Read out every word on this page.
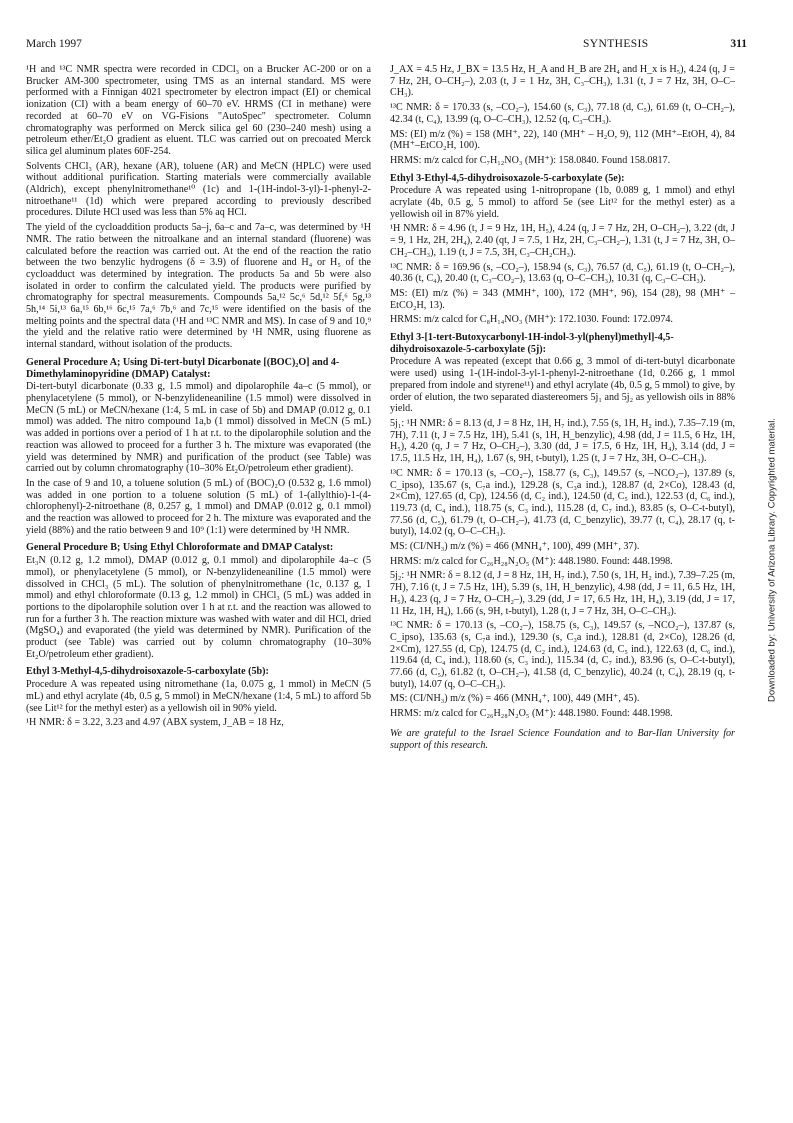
March 1997	SYNTHESIS	311

¹H and ¹³C NMR spectra were recorded in CDCl₃ on a Brucker AC-200 or on a Brucker AM-300 spectrometer, using TMS as an internal standard. MS were performed with a Finnigan 4021 spectrometer by electron impact (EI) or chemical ionization (CI) with a beam energy of 60–70 eV. HRMS (CI in methane) were recorded at 60–70 eV on VG-Fisions "AutoSpec" spectrometer. Column chromatography was performed on Merck silica gel 60 (230–240 mesh) using a petroleum ether/Et₂O gradient as eluent. TLC was carried out on precoated Merck silica gel aluminum plates 60F-254.

Solvents CHCl₃ (AR), hexane (AR), toluene (AR) and MeCN (HPLC) were used without additional purification. Starting materials were commercially available (Aldrich), except phenylnitromethane¹⁰ (1c) and 1-(1H-indol-3-yl)-1-phenyl-2-nitroethane¹¹ (1d) which were prepared according to previously described procedures. Dilute HCl used was less than 5% aq HCl.

The yield of the cycloaddition products 5a–j, 6a–c and 7a–c, was determined by ¹H NMR. The ratio between the nitroalkane and an internal standard (fluorene) was calculated before the reaction was carried out. At the end of the reaction the ratio between the two benzylic hydrogens (δ = 3.9) of fluorene and H₄ or H₅ of the cycloadduct was determined by integration. The products 5a and 5b were also isolated in order to confirm the calculated yield. The products were purified by chromatography for spectral measurements. Compounds 5a,¹² 5c,⁶ 5d,¹² 5f,⁶ 5g,¹³ 5h,¹⁴ 5i,¹³ 6a,¹⁵ 6b,¹⁶ 6c,¹⁵ 7a,⁶ 7b,⁶ and 7c,¹⁵ were identified on the basis of the melting points and the spectral data (¹H and ¹³C NMR and MS). In case of 9 and 10,⁹ the yield and the relative ratio were determined by ¹H NMR, using fluorene as internal standard, without isolation of the products.

General Procedure A; Using Di-tert-butyl Dicarbonate [(BOC)₂O] and 4-Dimethylaminopyridine (DMAP) Catalyst:

Di-tert-butyl dicarbonate (0.33 g, 1.5 mmol) and dipolarophile 4a–c (5 mmol), or phenylacetylene (5 mmol), or N-benzylideneaniline (1.5 mmol) were dissolved in MeCN (5 mL) or MeCN/hexane (1:4, 5 mL in case of 5b) and DMAP (0.012 g, 0.1 mmol) was added. The nitro compound 1a,b (1 mmol) dissolved in MeCN (5 mL) was added in portions over a period of 1 h at r.t. to the dipolarophile solution and the reaction was allowed to proceed for a further 3 h. The mixture was evaporated (the yield was determined by NMR) and purification of the product (see Table) was carried out by column chromatography (10–30% Et₂O/petroleum ether gradient).

In the case of 9 and 10, a toluene solution (5 mL) of (BOC)₂O (0.532 g, 1.6 mmol) was added in one portion to a toluene solution (5 mL) of 1-(allylthio)-1-(4-chlorophenyl)-2-nitroethane (8, 0.257 g, 1 mmol) and DMAP (0.012 g, 0.1 mmol) and the reaction was allowed to proceed for 2 h. The mixture was evaporated and the yield (88%) and the ratio between 9 and 10⁹ (1:1) were determined by ¹H NMR.

General Procedure B; Using Ethyl Chloroformate and DMAP Catalyst:

Et₃N (0.12 g, 1.2 mmol), DMAP (0.012 g, 0.1 mmol) and dipolarophile 4a–c (5 mmol), or phenylacetylene (5 mmol), or N-benzylideneaniline (1.5 mmol) were dissolved in CHCl₃ (5 mL). The solution of phenylnitromethane (1c, 0.137 g, 1 mmol) and ethyl chloroformate (0.13 g, 1.2 mmol) in CHCl₃ (5 mL) was added in portions to the dipolarophile solution over 1 h at r.t. and the reaction was allowed to run for a further 3 h. The reaction mixture was washed with water and dil HCl, dried (MgSO₄) and evaporated (the yield was determined by NMR). Purification of the product (see Table) was carried out by column chromatography (10–30% Et₂O/petroleum ether gradient).

Ethyl 3-Methyl-4,5-dihydroisoxazole-5-carboxylate (5b):

Procedure A was repeated using nitromethane (1a, 0.075 g, 1 mmol) in MeCN (5 mL) and ethyl acrylate (4b, 0.5 g, 5 mmol) in MeCN/hexane (1:4, 5 mL) to afford 5b (see Lit¹² for the methyl ester) as a yellowish oil in 90% yield.

¹H NMR: δ = 3.22, 3.23 and 4.97 (ABX system, J_AB = 18 Hz,

J_AX = 4.5 Hz, J_BX = 13.5 Hz, H_A and H_B are 2H₄ and H_x is H₅), 4.24 (q, J = 7 Hz, 2H, O–CH₂–), 2.03 (t, J = 1 Hz, 3H, C₃–CH₃), 1.31 (t, J = 7 Hz, 3H, O–C–CH₃).

¹³C NMR: δ = 170.33 (s, –CO₂–), 154.60 (s, C₃), 77.18 (d, C₅), 61.69 (t, O–CH₂–), 42.34 (t, C₄), 13.99 (q, O–C–CH₃), 12.52 (q, C₃–CH₃).

MS: (EI) m/z (%) = 158 (MH⁺, 22), 140 (MH⁺ – H₂O, 9), 112 (MH⁺–EtOH, 4), 84 (MH⁺–EtCO₂H, 100).

HRMS: m/z calcd for C₇H₁₂NO₃ (MH⁺): 158.0840. Found 158.0817.

Ethyl 3-Ethyl-4,5-dihydroisoxazole-5-carboxylate (5e):

Procedure A was repeated using 1-nitropropane (1b, 0.089 g, 1 mmol) and ethyl acrylate (4b, 0.5 g, 5 mmol) to afford 5e (see Lit¹² for the methyl ester) as a yellowish oil in 87% yield.

¹H NMR: δ = 4.96 (t, J = 9 Hz, 1H, H₅), 4.24 (q, J = 7 Hz, 2H, O–CH₂–), 3.22 (dt, J = 9, 1 Hz, 2H, 2H₄), 2.40 (qt, J = 7.5, 1 Hz, 2H, C₃–CH₂–), 1.31 (t, J = 7 Hz, 3H, O–CH₂–CH₃), 1.19 (t, J = 7.5, 3H, C₃–CH₂CH₃).

¹³C NMR: δ = 169.96 (s, –CO₂–), 158.94 (s, C₃), 76.57 (d, C₅), 61.19 (t, O–CH₂–), 40.36 (t, C₄), 20.40 (t, C₃–CO₂–), 13.63 (q, O–C–CH₃), 10.31 (q, C₃–C–CH₃).

MS: (EI) m/z (%) = 343 (MMH⁺, 100), 172 (MH⁺, 96), 154 (28), 98 (MH⁺ – EtCO₂H, 13).

HRMS: m/z calcd for C₈H₁₄NO₃ (MH⁺): 172.1030. Found: 172.0974.

Ethyl 3-[1-tert-Butoxycarbonyl-1H-indol-3-yl(phenyl)methyl]-4,5-dihydroisoxazole-5-carboxylate (5j):

Procedure A was repeated (except that 0.66 g, 3 mmol of di-tert-butyl dicarbonate were used) using 1-(1H-indol-3-yl-1-phenyl-2-nitroethane (1d, 0.266 g, 1 mmol prepared from indole and styrene¹¹) and ethyl acrylate (4b, 0.5 g, 5 mmol) to give, by order of elution, the two separated diastereomers 5j₁ and 5j₂ as yellowish oils in 88% yield.

5j₁: ¹H NMR: δ = 8.13 (d, J = 8 Hz, 1H, H₇ ind.), 7.55 (s, 1H, H₂ ind.), 7.35–7.19 (m, 7H), 7.11 (t, J = 7.5 Hz, 1H), 5.41 (s, 1H, H_benzylic), 4.98 (dd, J = 11.5, 6 Hz, 1H, H₅), 4.20 (q, J = 7 Hz, O–CH₂–), 3.30 (dd, J = 17.5, 6 Hz, 1H, H₄), 3.14 (dd, J = 17.5, 11.5 Hz, 1H, H₄), 1.67 (s, 9H, t-butyl), 1.25 (t, J = 7 Hz, 3H, O–C–CH₃).

¹³C NMR: δ = 170.13 (s, –CO₂–), 158.77 (s, C₃), 149.57 (s, –NCO₂–), 137.89 (s, C_ipso), 135.67 (s, C₇a ind.), 129.28 (s, C₃a ind.), 128.87 (d, 2×Co), 128.43 (d, 2×Cm), 127.65 (d, Cp), 124.56 (d, C₂ ind.), 124.50 (d, C₅ ind.), 122.53 (d, C₆ ind.), 119.73 (d, C₄ ind.), 118.75 (s, C₃ ind.), 115.28 (d, C₇ ind.), 83.85 (s, O–C-t-butyl), 77.56 (d, C₅), 61.79 (t, O–CH₂–), 41.73 (d, C_benzylic), 39.77 (t, C₄), 28.17 (q, t-butyl), 14.02 (q, O–C–CH₃).

MS: (CI/NH₃) m/z (%) = 466 (MNH₄⁺, 100), 499 (MH⁺, 37).

HRMS: m/z calcd for C₂₆H₂₈N₂O₅ (M⁺): 448.1980. Found: 448.1998.

5j₂: ¹H NMR: δ = 8.12 (d, J = 8 Hz, 1H, H₇ ind.), 7.50 (s, 1H, H₂ ind.), 7.39–7.25 (m, 7H), 7.16 (t, J = 7.5 Hz, 1H), 5.39 (s, 1H, H_benzylic), 4.98 (dd, J = 11, 6.5 Hz, 1H, H₅), 4.23 (q, J = 7 Hz, O–CH₂–), 3.29 (dd, J = 17, 6.5 Hz, 1H, H₄), 3.19 (dd, J = 17, 11 Hz, 1H, H₄), 1.66 (s, 9H, t-butyl), 1.28 (t, J = 7 Hz, 3H, O–C–CH₃).

¹³C NMR: δ = 170.13 (s, –CO₂–), 158.75 (s, C₃), 149.57 (s, –NCO₂–), 137.87 (s, C_ipso), 135.63 (s, C₇a ind.), 129.30 (s, C₃a ind.), 128.81 (d, 2×Co), 128.26 (d, 2×Cm), 127.55 (d, Cp), 124.75 (d, C₂ ind.), 124.63 (d, C₅ ind.), 122.63 (d, C₆ ind.), 119.64 (d, C₄ ind.), 118.60 (s, C₃ ind.), 115.34 (d, C₇ ind.), 83.96 (s, O–C-t-butyl), 77.66 (d, C₅), 61.82 (t, O–CH₂–), 41.58 (d, C_benzylic), 40.24 (t, C₄), 28.19 (q, t-butyl), 14.07 (q, O–C–CH₃).

MS: (CI/NH₃) m/z (%) = 466 (MNH₄⁺, 100), 449 (MH⁺, 45).

HRMS: m/z calcd for C₂₆H₂₈N₂O₅ (M⁺): 448.1980. Found: 448.1998.

We are grateful to the Israel Science Foundation and to Bar-Ilan University for support of this research.

Downloaded by: University of Arizona Library. Copyrighted material.
